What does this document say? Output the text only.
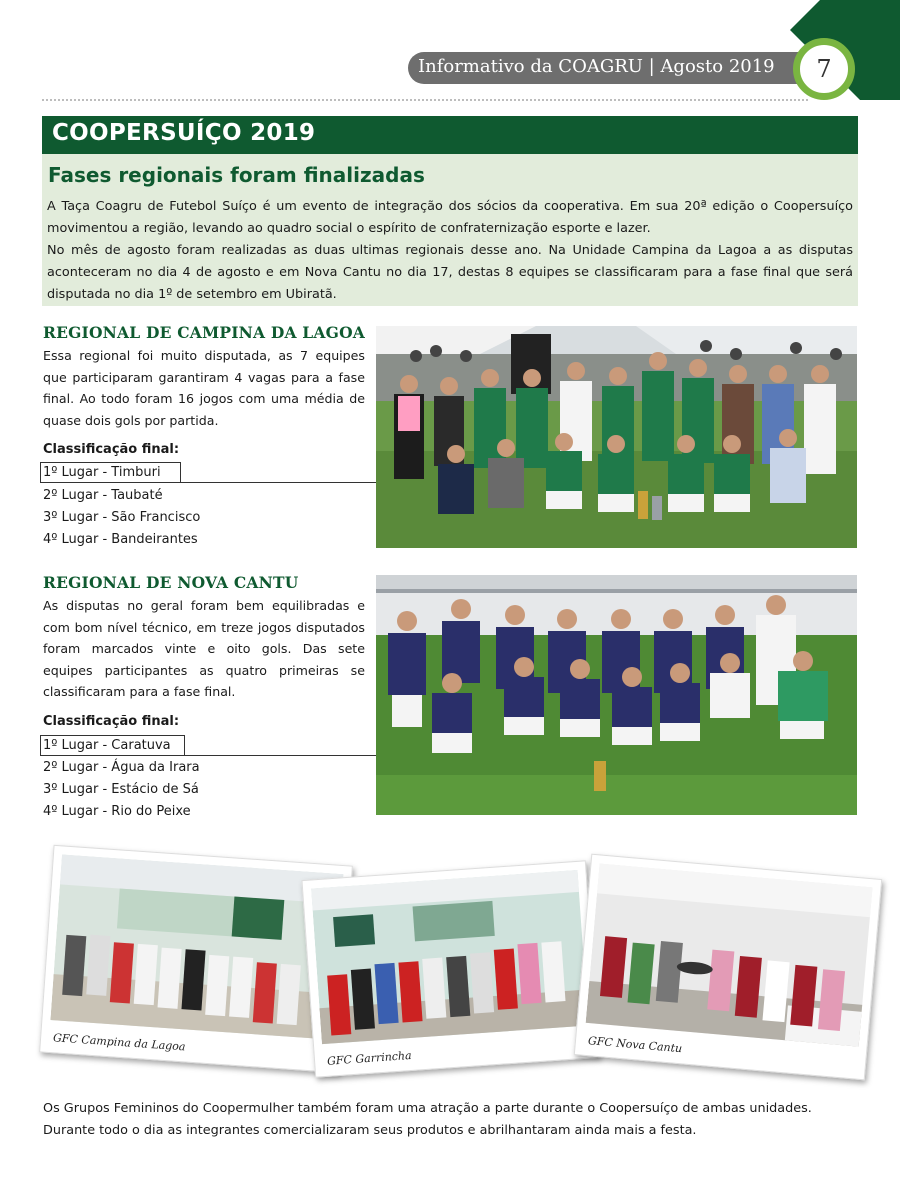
Informativo da COAGRU | Agosto 2019 7
COOPERSUÍÇO 2019
Fases regionais foram finalizadas

A Taça Coagru de Futebol Suíço é um evento de integração dos sócios da cooperativa. Em sua 20ª edição o Coopersuíço movimentou a região, levando ao quadro social o espírito de confraternização esporte e lazer.

No mês de agosto foram realizadas as duas ultimas regionais desse ano. Na Unidade Campina da Lagoa a as disputas aconteceram no dia 4 de agosto e em Nova Cantu no dia 17, destas 8 equipes se classificaram para a fase final que será disputada no dia 1º de setembro em Ubiratã.

REGIONAL DE CAMPINA DA LAGOA
Essa regional foi muito disputada, as 7 equipes que participaram garantiram 4 vagas para a fase final. Ao todo foram 16 jogos com uma média de quase dois gols por partida.
Classificação final:
1º Lugar - Timburi
2º Lugar - Taubaté
3º Lugar - São Francisco
4º Lugar - Bandeirantes
REGIONAL DE NOVA CANTU
As disputas no geral foram bem equilibradas e com bom nível técnico, em treze jogos disputados foram marcados vinte e oito gols. Das sete equipes participantes as quatro primeiras se classificaram para a fase final.
Classificação final:
1º Lugar - Caratuva
2º Lugar - Água da Irara
3º Lugar - Estácio de Sá
4º Lugar - Rio do Peixe
GFC Campina da Lagoa
GFC Garrincha
GFC Nova Cantu
Os Grupos Femininos do Coopermulher também foram uma atração a parte durante o Coopersuíço de ambas unidades. Durante todo o dia as integrantes comercializaram seus produtos e abrilhantaram ainda mais a festa.
